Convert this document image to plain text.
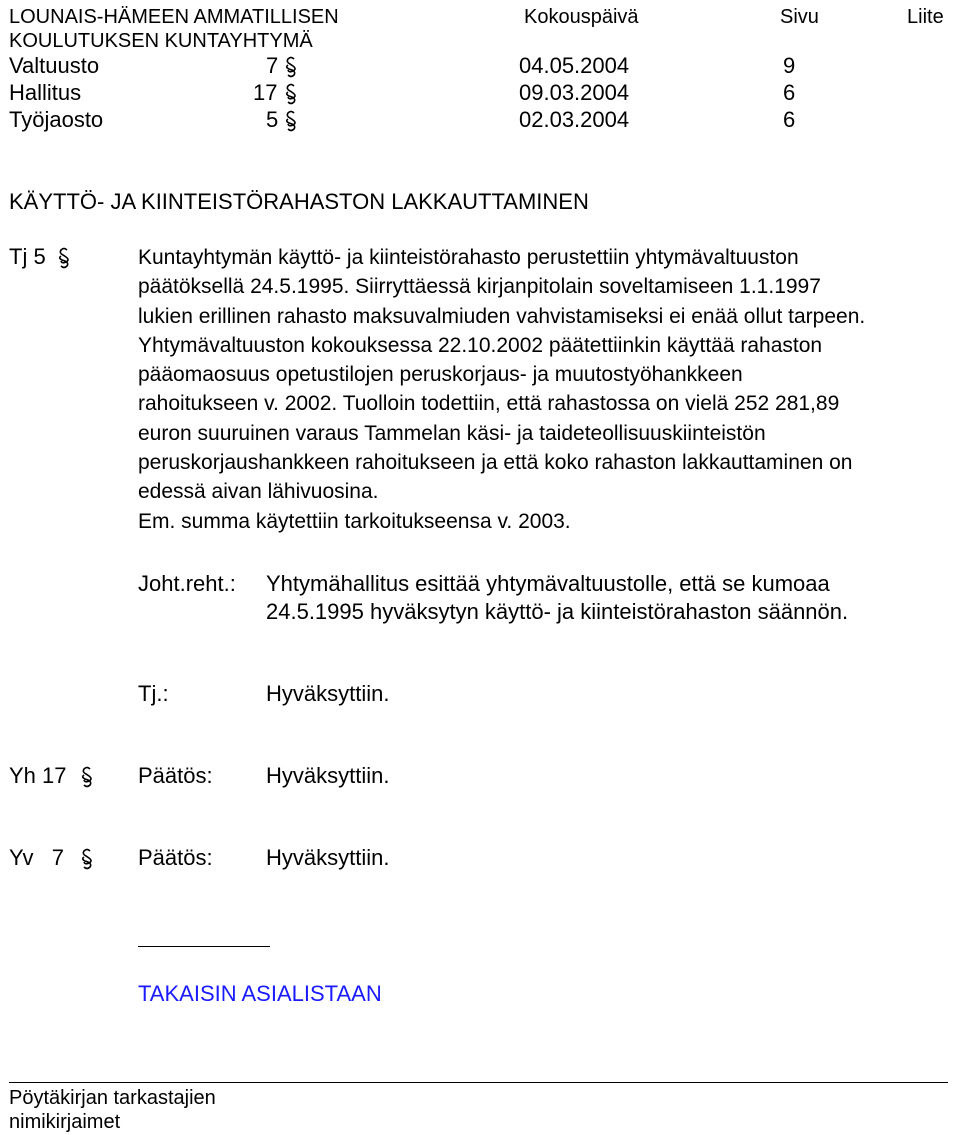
LOUNAIS-HÄMEEN AMMATILLISEN
KOULUTUKSEN KUNTAYHTYMÄ
Kokouspäivä	Sivu	Liite
Valtuusto	7	04.05.2004	9
Hallitus	17	09.03.2004	6
Työjaosto	5	02.03.2004	6
KÄYTTÖ- JA KIINTEISTÖRAHASTON LAKKAUTTAMINEN
Tj 5	Kuntayhtymän käyttö- ja kiinteistörahasto perustettiin yhtymävaltuuston
päätöksellä 24.5.1995. Siirryttäessä kirjanpitolain soveltamiseen 1.1.1997
lukien erillinen rahasto maksuvalmiuden vahvistamiseksi ei enää ollut tarpeen.
Yhtymävaltuuston kokouksessa 22.10.2002 päätettiinkin käyttää rahaston
pääomaosuus opetustilojen peruskorjaus- ja muutostyöhankkeen
rahoitukseen v. 2002. Tuolloin todettiin, että rahastossa on vielä 252 281,89
euron suuruinen varaus Tammelan käsi- ja taideteollisuuskiinteistön
peruskorjaushankkeen rahoitukseen ja että koko rahaston lakkauttaminen on
edessä aivan lähivuosina.
Em. summa käytettiin tarkoitukseensa v. 2003.
Joht.reht.: Yhtymähallitus esittää yhtymävaltuustolle, että se kumoaa
24.5.1995 hyväksytyn käyttö- ja kiinteistörahaston säännön.
Tj.:	Hyväksyttiin.
Yh 17	Päätös: Hyväksyttiin.
Yv   7	Päätös: Hyväksyttiin.
TAKAISIN ASIALISTAAN
Pöytäkirjan tarkastajien
nimikirjaimet
